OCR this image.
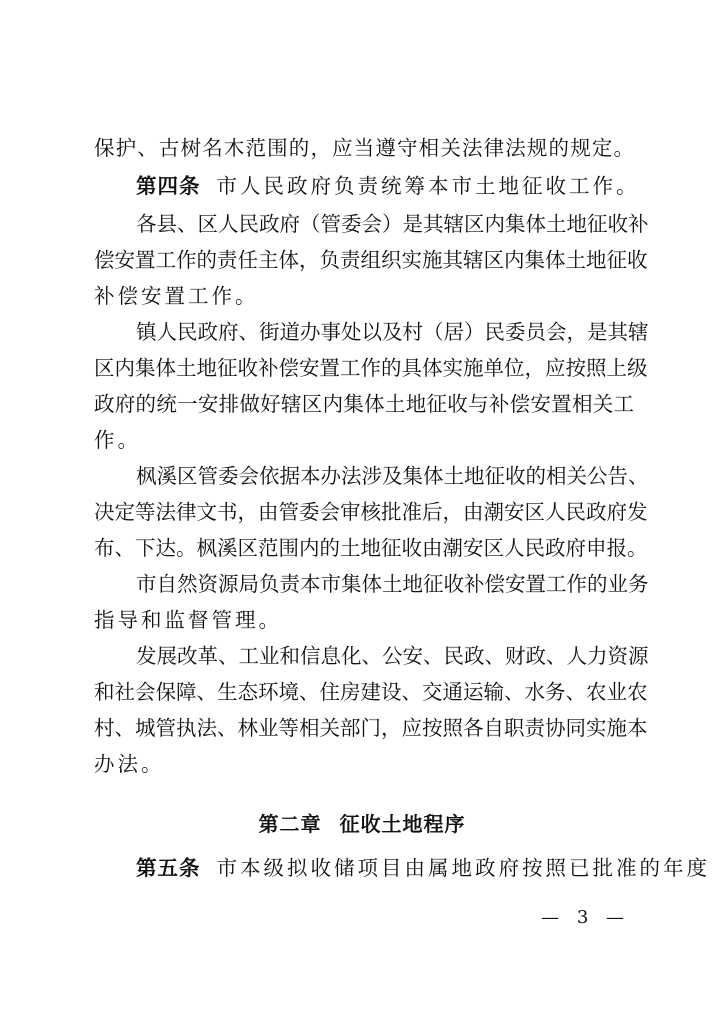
保护、古树名木范围的，应当遵守相关法律法规的规定。
第四条 市人民政府负责统筹本市土地征收工作。
各县、区人民政府（管委会）是其辖区内集体土地征收补
偿安置工作的责任主体，负责组织实施其辖区内集体土地征收
补偿安置工作。
镇人民政府、街道办事处以及村（居）民委员会，是其辖
区内集体土地征收补偿安置工作的具体实施单位，应按照上级
政府的统一安排做好辖区内集体土地征收与补偿安置相关工
作。
枫溪区管委会依据本办法涉及集体土地征收的相关公告、
决定等法律文书，由管委会审核批准后，由潮安区人民政府发
布、下达。枫溪区范围内的土地征收由潮安区人民政府申报。
市自然资源局负责本市集体土地征收补偿安置工作的业务
指导和监督管理。
发展改革、工业和信息化、公安、民政、财政、人力资源
和社会保障、生态环境、住房建设、交通运输、水务、农业农
村、城管执法、林业等相关部门，应按照各自职责协同实施本
办法。
第二章 征收土地程序
第五条 市本级拟收储项目由属地政府按照已批准的年度
— 3 —
